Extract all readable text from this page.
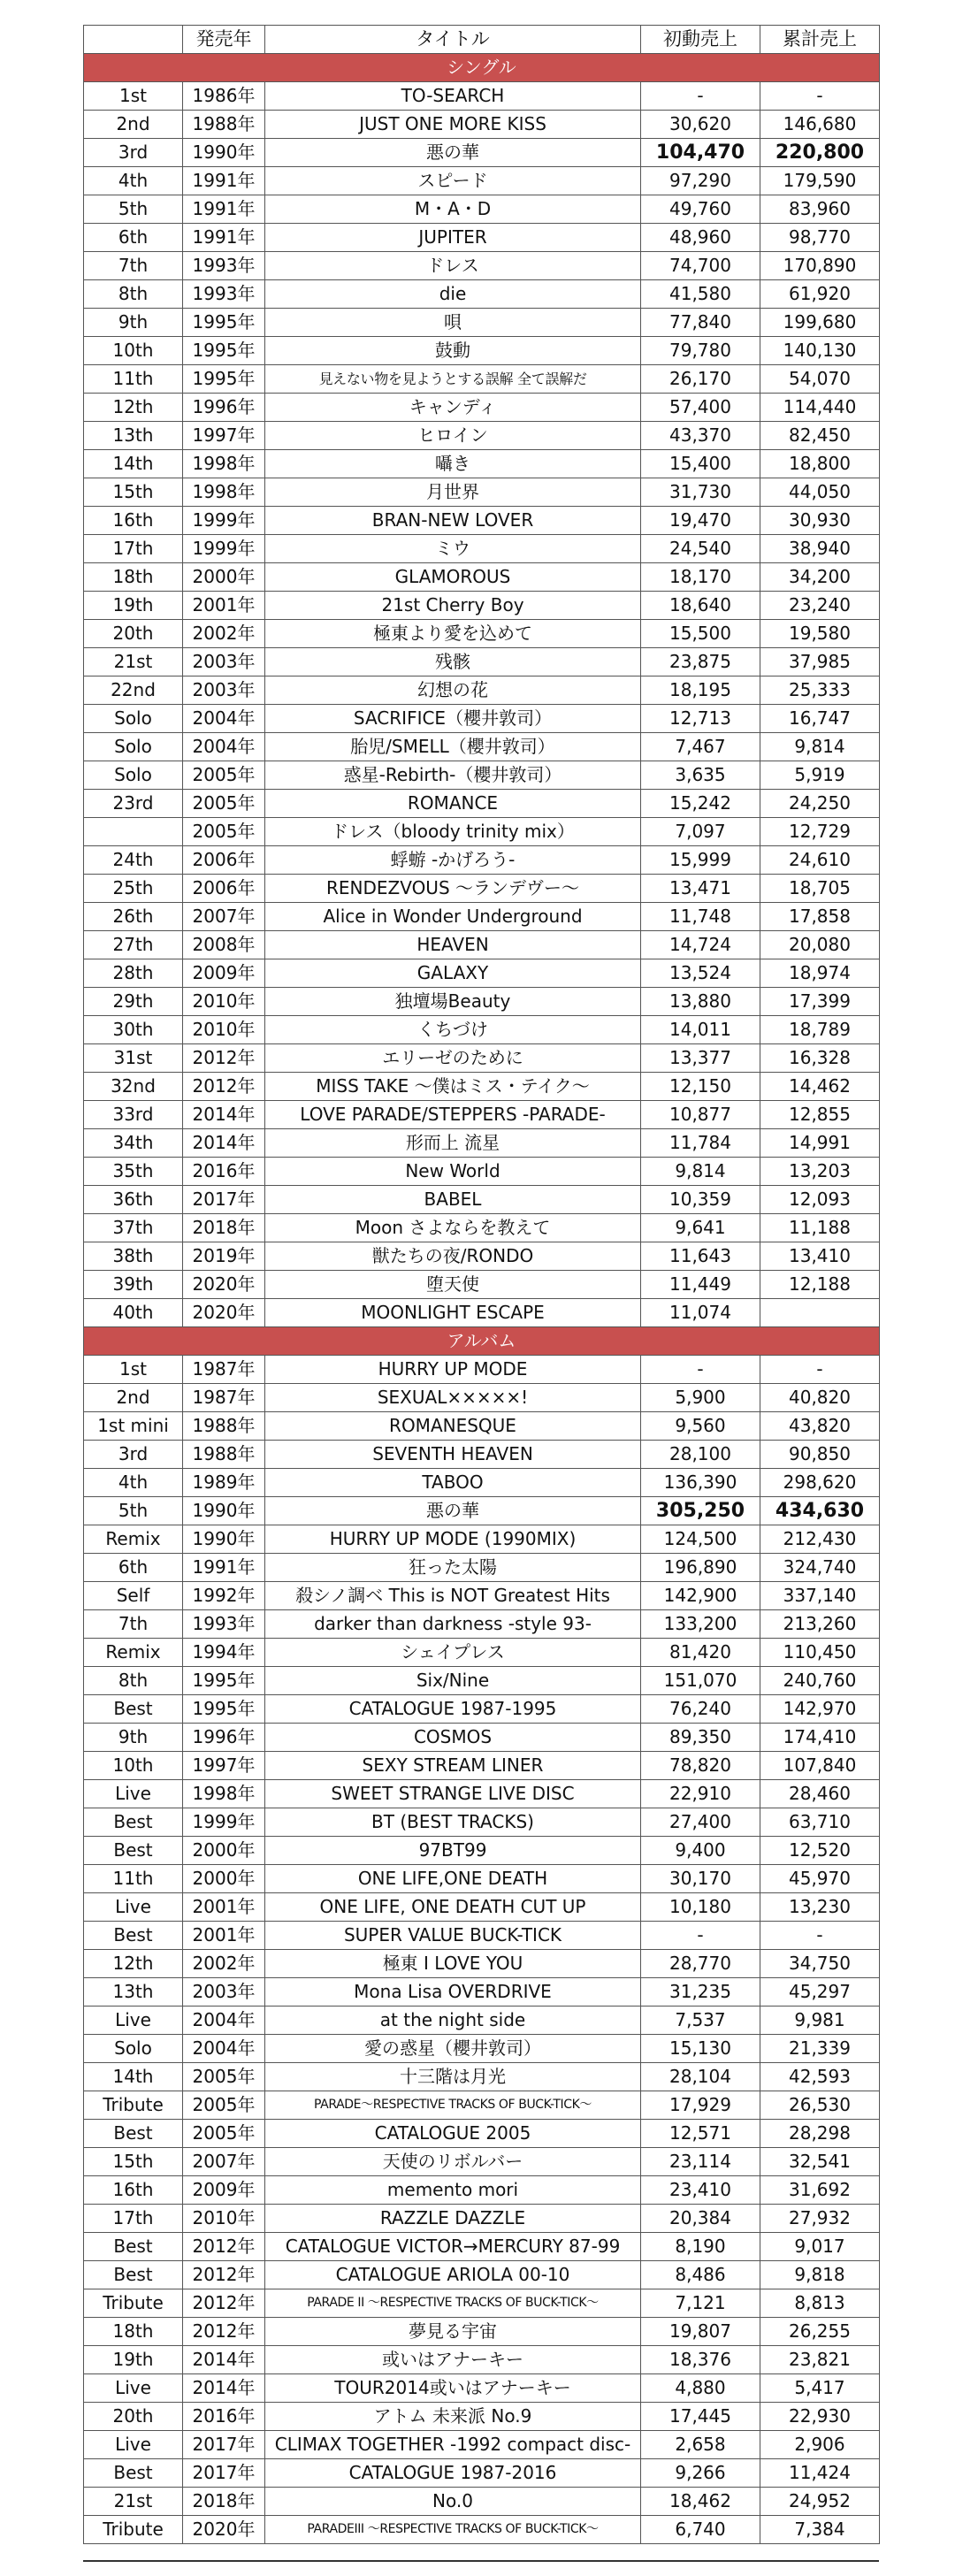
	発売年	タイトル	初動売上	累計売上
シングル				
1st	1986年	TO-SEARCH	-	-
2nd	1988年	JUST ONE MORE KISS	30,620	146,680
3rd	1990年	悪の華	104,470	220,800
4th	1991年	スピード	97,290	179,590
5th	1991年	M・A・D	49,760	83,960
6th	1991年	JUPITER	48,960	98,770
7th	1993年	ドレス	74,700	170,890
8th	1993年	die	41,580	61,920
9th	1995年	唄	77,840	199,680
10th	1995年	鼓動	79,780	140,130
11th	1995年	見えない物を見ようとする誤解 全て誤解だ	26,170	54,070
12th	1996年	キャンディ	57,400	114,440
13th	1997年	ヒロイン	43,370	82,450
14th	1998年	囁き	15,400	18,800
15th	1998年	月世界	31,730	44,050
16th	1999年	BRAN-NEW LOVER	19,470	30,930
17th	1999年	ミウ	24,540	38,940
18th	2000年	GLAMOROUS	18,170	34,200
19th	2001年	21st Cherry Boy	18,640	23,240
20th	2002年	極東より愛を込めて	15,500	19,580
21st	2003年	残骸	23,875	37,985
22nd	2003年	幻想の花	18,195	25,333
Solo	2004年	SACRIFICE（櫻井敦司）	12,713	16,747
Solo	2004年	胎児/SMELL（櫻井敦司）	7,467	9,814
Solo	2005年	惑星-Rebirth-（櫻井敦司）	3,635	5,919
23rd	2005年	ROMANCE	15,242	24,250
	2005年	ドレス（bloody trinity mix）	7,097	12,729
24th	2006年	蜉蝣 -かげろう-	15,999	24,610
25th	2006年	RENDEZVOUS 〜ランデヴー〜	13,471	18,705
26th	2007年	Alice in Wonder Underground	11,748	17,858
27th	2008年	HEAVEN	14,724	20,080
28th	2009年	GALAXY	13,524	18,974
29th	2010年	独壇場Beauty	13,880	17,399
30th	2010年	くちづけ	14,011	18,789
31st	2012年	エリーゼのために	13,377	16,328
32nd	2012年	MISS TAKE 〜僕はミス・テイク〜	12,150	14,462
33rd	2014年	LOVE PARADE/STEPPERS -PARADE-	10,877	12,855
34th	2014年	形而上 流星	11,784	14,991
35th	2016年	New World	9,814	13,203
36th	2017年	BABEL	10,359	12,093
37th	2018年	Moon さよならを教えて	9,641	11,188
38th	2019年	獣たちの夜/RONDO	11,643	13,410
39th	2020年	堕天使	11,449	12,188
40th	2020年	MOONLIGHT ESCAPE	11,074	
アルバム				
1st	1987年	HURRY UP MODE	-	-
2nd	1987年	SEXUAL×××××!	5,900	40,820
1st mini	1988年	ROMANESQUE	9,560	43,820
3rd	1988年	SEVENTH HEAVEN	28,100	90,850
4th	1989年	TABOO	136,390	298,620
5th	1990年	悪の華	305,250	434,630
Remix	1990年	HURRY UP MODE (1990MIX)	124,500	212,430
6th	1991年	狂った太陽	196,890	324,740
Self	1992年	殺シノ調ベ This is NOT Greatest Hits	142,900	337,140
7th	1993年	darker than darkness -style 93-	133,200	213,260
Remix	1994年	シェイプレス	81,420	110,450
8th	1995年	Six/Nine	151,070	240,760
Best	1995年	CATALOGUE 1987-1995	76,240	142,970
9th	1996年	COSMOS	89,350	174,410
10th	1997年	SEXY STREAM LINER	78,820	107,840
Live	1998年	SWEET STRANGE LIVE DISC	22,910	28,460
Best	1999年	BT (BEST TRACKS)	27,400	63,710
Best	2000年	97BT99	9,400	12,520
11th	2000年	ONE LIFE,ONE DEATH	30,170	45,970
Live	2001年	ONE LIFE, ONE DEATH CUT UP	10,180	13,230
Best	2001年	SUPER VALUE BUCK-TICK	-	-
12th	2002年	極東 I LOVE YOU	28,770	34,750
13th	2003年	Mona Lisa OVERDRIVE	31,235	45,297
Live	2004年	at the night side	7,537	9,981
Solo	2004年	愛の惑星（櫻井敦司）	15,130	21,339
14th	2005年	十三階は月光	28,104	42,593
Tribute	2005年	PARADE〜RESPECTIVE TRACKS OF BUCK-TICK〜	17,929	26,530
Best	2005年	CATALOGUE 2005	12,571	28,298
15th	2007年	天使のリボルバー	23,114	32,541
16th	2009年	memento mori	23,410	31,692
17th	2010年	RAZZLE DAZZLE	20,384	27,932
Best	2012年	CATALOGUE VICTOR→MERCURY 87-99	8,190	9,017
Best	2012年	CATALOGUE ARIOLA 00-10	8,486	9,818
Tribute	2012年	PARADE II 〜RESPECTIVE TRACKS OF BUCK-TICK〜	7,121	8,813
18th	2012年	夢見る宇宙	19,807	26,255
19th	2014年	或いはアナーキー	18,376	23,821
Live	2014年	TOUR2014或いはアナーキー	4,880	5,417
20th	2016年	アトム 未来派 No.9	17,445	22,930
Live	2017年	CLIMAX TOGETHER -1992 compact disc-	2,658	2,906
Best	2017年	CATALOGUE 1987-2016	9,266	11,424
21st	2018年	No.0	18,462	24,952
Tribute	2020年	PARADEIII 〜RESPECTIVE TRACKS OF BUCK-TICK〜	6,740	7,384
